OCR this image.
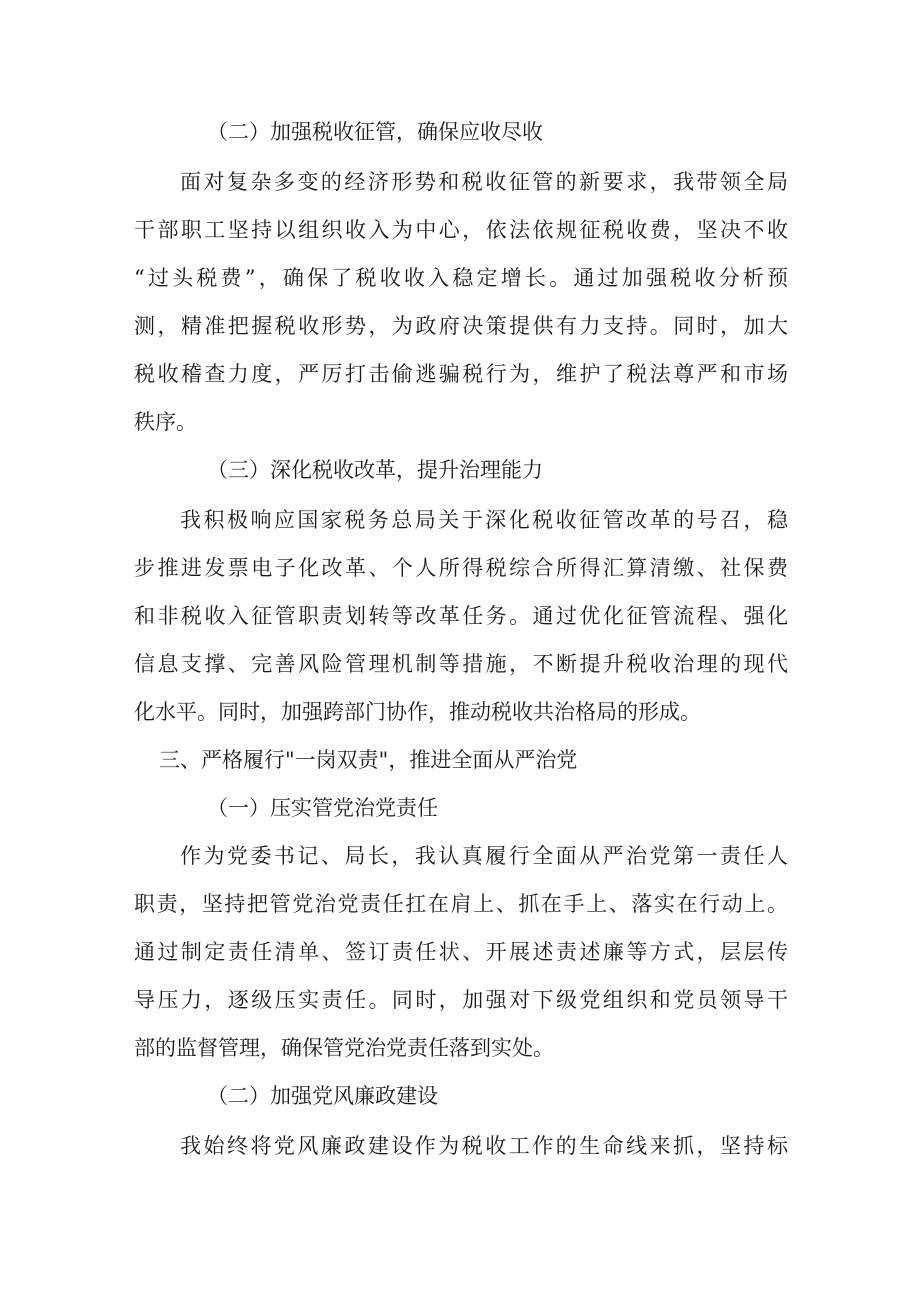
（二）加强税收征管，确保应收尽收

面对复杂多变的经济形势和税收征管的新要求，我带领全局

干部职工坚持以组织收入为中心，依法依规征税收费，坚决不收

“过头税费”，确保了税收收入稳定增长。通过加强税收分析预

测，精准把握税收形势，为政府决策提供有力支持。同时，加大

税收稽查力度，严厉打击偷逃骗税行为，维护了税法尊严和市场

秩序。

（三）深化税收改革，提升治理能力

我积极响应国家税务总局关于深化税收征管改革的号召，稳

步推进发票电子化改革、个人所得税综合所得汇算清缴、社保费

和非税收入征管职责划转等改革任务。通过优化征管流程、强化

信息支撑、完善风险管理机制等措施，不断提升税收治理的现代

化水平。同时，加强跨部门协作，推动税收共治格局的形成。

三、严格履行"一岗双责"，推进全面从严治党

（一）压实管党治党责任

作为党委书记、局长，我认真履行全面从严治党第一责任人

职责，坚持把管党治党责任扛在肩上、抓在手上、落实在行动上。

通过制定责任清单、签订责任状、开展述责述廉等方式，层层传

导压力，逐级压实责任。同时，加强对下级党组织和党员领导干

部的监督管理，确保管党治党责任落到实处。

（二）加强党风廉政建设

我始终将党风廉政建设作为税收工作的生命线来抓，坚持标
